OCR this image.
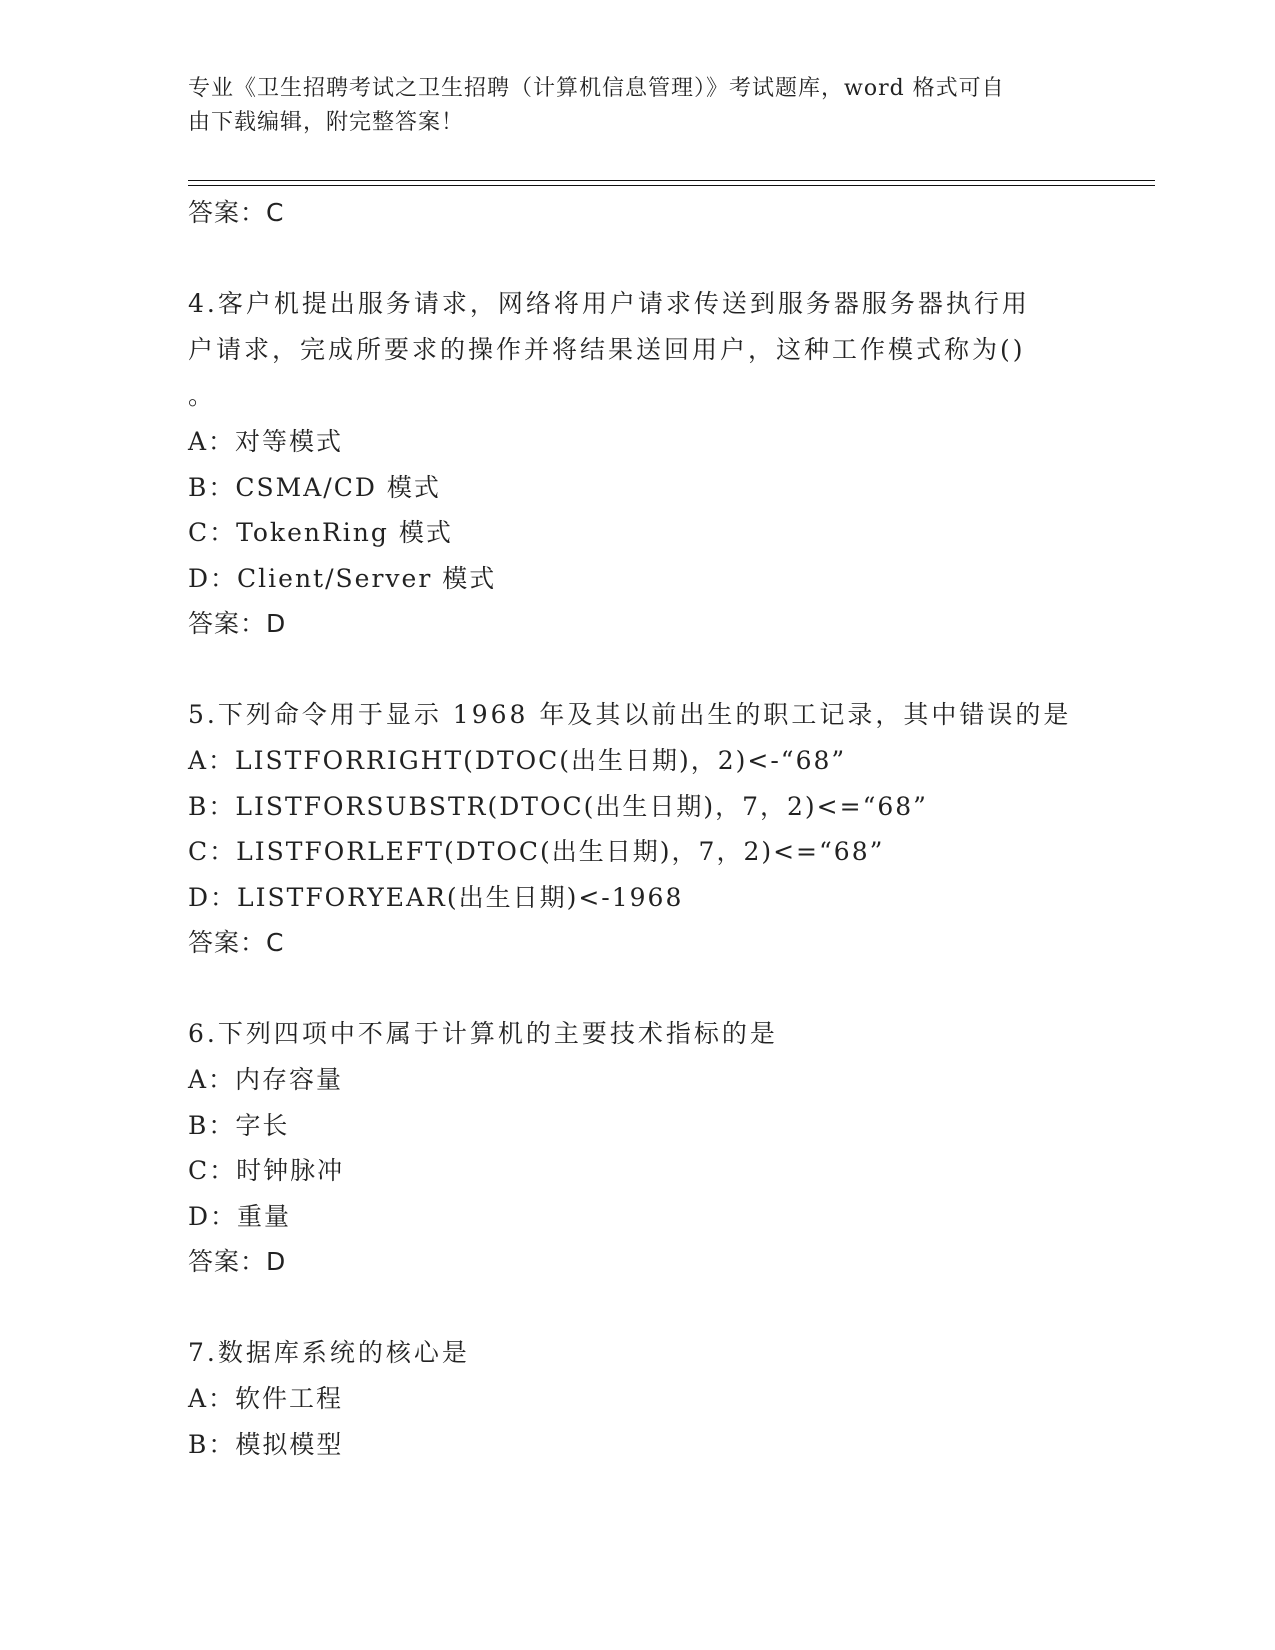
专业《卫生招聘考试之卫生招聘（计算机信息管理）》考试题库，word 格式可自
由下载编辑，附完整答案！
答案：C
4.客户机提出服务请求，网络将用户请求传送到服务器服务器执行用
户请求，完成所要求的操作并将结果送回用户，这种工作模式称为()
。
A：对等模式
B：CSMA/CD 模式
C：TokenRing 模式
D：Client/Server 模式
答案：D
5.下列命令用于显示 1968 年及其以前出生的职工记录，其中错误的是
A：LISTFORRIGHT(DTOC(出生日期)，2)<-“68”
B：LISTFORSUBSTR(DTOC(出生日期)，7，2)<=“68”
C：LISTFORLEFT(DTOC(出生日期)，7，2)<=“68”
D：LISTFORYEAR(出生日期)<-1968
答案：C
6.下列四项中不属于计算机的主要技术指标的是
A：内存容量
B：字长
C：时钟脉冲
D：重量
答案：D
7.数据库系统的核心是
A：软件工程
B：模拟模型
